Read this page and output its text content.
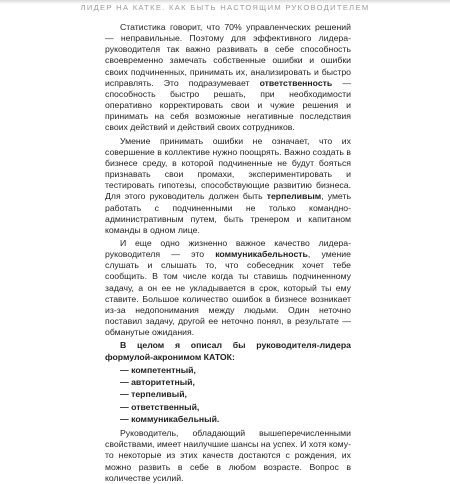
ЛИДЕР НА КАТКЕ. КАК БЫТЬ НАСТОЯЩИМ РУКОВОДИТЕЛЕМ

Статистика говорит, что 70% управленческих решений — неправильные. Поэтому для эффективного лидера-руководителя так важно развивать в себе способность своевременно замечать собственные ошибки и ошибки своих подчиненных, принимать их, анализировать и быстро исправлять. Это подразумевает ответственность — способность быстро решать, при необходимости оперативно корректировать свои и чужие решения и принимать на себя возможные негативные последствия своих действий и действий своих сотрудников.

Умение принимать ошибки не означает, что их совершение в коллективе нужно поощрять. Важно создать в бизнесе среду, в которой подчиненные не будут бояться признавать свои промахи, экспериментировать и тестировать гипотезы, способствующие развитию бизнеса. Для этого руководитель должен быть терпеливым, уметь работать с подчиненными не только командно-административным путем, быть тренером и капитаном команды в одном лице.

И еще одно жизненно важное качество лидера-руководителя — это коммуникабельность, умение слушать и слышать то, что собеседник хочет тебе сообщить. В том числе когда ты ставишь подчиненному задачу, а он ее не укладывается в срок, который ты ему ставите. Большое количество ошибок в бизнесе возникает из-за недопонимания между людьми. Один неточно поставил задачу, другой ее неточно понял, в результате — обманутые ожидания.

В целом я описал бы руководителя-лидера формулой-акронимом КАТОК:

— компетентный,
— авторитетный,
— терпеливый,
— ответственный,
— коммуникабельный.

Руководитель, обладающий вышеперечисленными свойствами, имеет наилучшие шансы на успех. И хотя кому-то некоторые из этих качеств достаются с рождения, их можно развить в себе в любом возрасте. Вопрос в количестве усилий.
